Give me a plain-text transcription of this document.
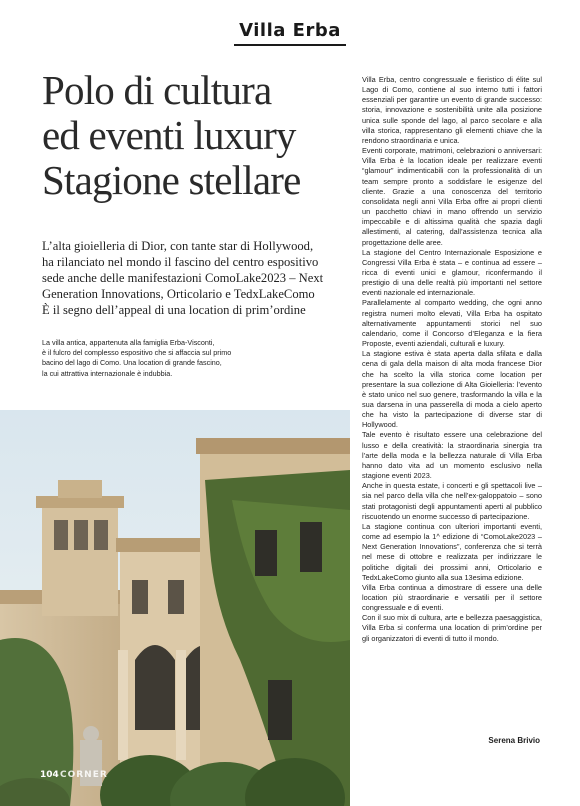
Villa Erba
Polo di cultura
ed eventi luxury
Stagione stellare

L’alta gioielleria di Dior, con tante star di Hollywood,
ha rilanciato nel mondo il fascino del centro espositivo
sede anche delle manifestazioni ComoLake2023 – Next
Generation Innovations, Orticolario e TedxLakeComo
È il segno dell’appeal di una location di prim’ordine

La villa antica, appartenuta alla famiglia Erba-Visconti,
è il fulcro del complesso espositivo che si affaccia sul primo
bacino del lago di Como. Una location di grande fascino,
la cui attrattiva internazionale è indubbia.

Villa Erba, centro congressuale e fieristico di élite sul Lago di Como, contiene al suo interno tutti i fattori essenziali per garantire un evento di grande successo: storia, innovazione e sostenibilità unite alla posizione unica sulle sponde del lago, al parco secolare e alla villa storica, rappresentano gli elementi chiave che la rendono straordinaria e unica.

Eventi corporate, matrimoni, celebrazioni o anniversari: Villa Erba è la location ideale per realizzare eventi “glamour” indimenticabili con la professionalità di un team sempre pronto a soddisfare le esigenze del cliente. Grazie a una conoscenza del territorio consolidata negli anni Villa Erba offre ai propri clienti un pacchetto chiavi in mano offrendo un servizio impeccabile e di altissima qualità che spazia dagli allestimenti, al catering, dall’assistenza tecnica alla progettazione delle aree.

La stagione del Centro Internazionale Esposizione e Congressi Villa Erba è stata – e continua ad essere – ricca di eventi unici e glamour, riconfermando il prestigio di una delle realtà più importanti nel settore eventi nazionale ed internazionale.

Parallelamente al comparto wedding, che ogni anno registra numeri molto elevati, Villa Erba ha ospitato alternativamente appuntamenti storici nel suo calendario, come il Concorso d’Eleganza e la fiera Proposte, eventi aziendali, culturali e luxury.

La stagione estiva è stata aperta dalla sfilata e dalla cena di gala della maison di alta moda francese Dior che ha scelto la villa storica come location per presentare la sua collezione di Alta Gioielleria: l’evento è stato unico nel suo genere, trasformando la villa e la sua darsena in una passerella di moda a cielo aperto che ha visto la partecipazione di diverse star di Hollywood.

Tale evento è risultato essere una celebrazione del lusso e della creatività: la straordinaria sinergia tra l’arte della moda e la bellezza naturale di Villa Erba hanno dato vita ad un momento esclusivo nella stagione eventi 2023.

Anche in questa estate, i concerti e gli spettacoli live – sia nel parco della villa che nell’ex-galoppatoio – sono stati protagonisti degli appuntamenti aperti al pubblico riscuotendo un enorme successo di partecipazione.

La stagione continua con ulteriori importanti eventi, come ad esempio la 1^ edizione di “ComoLake2023 – Next Generation Innovations”, conferenza che si terrà nel mese di ottobre e realizzata per indirizzare le politiche digitali dei prossimi anni, Orticolario e TedxLakeComo giunto alla sua 13esima edizione.

Villa Erba continua a dimostrare di essere una delle location più straordinarie e versatili per il settore congressuale e di eventi.

Con il suo mix di cultura, arte e bellezza paesaggistica, Villa Erba si conferma una location di prim’ordine per gli organizzatori di eventi di tutto il mondo.

Serena Brivio
104 CORNER
